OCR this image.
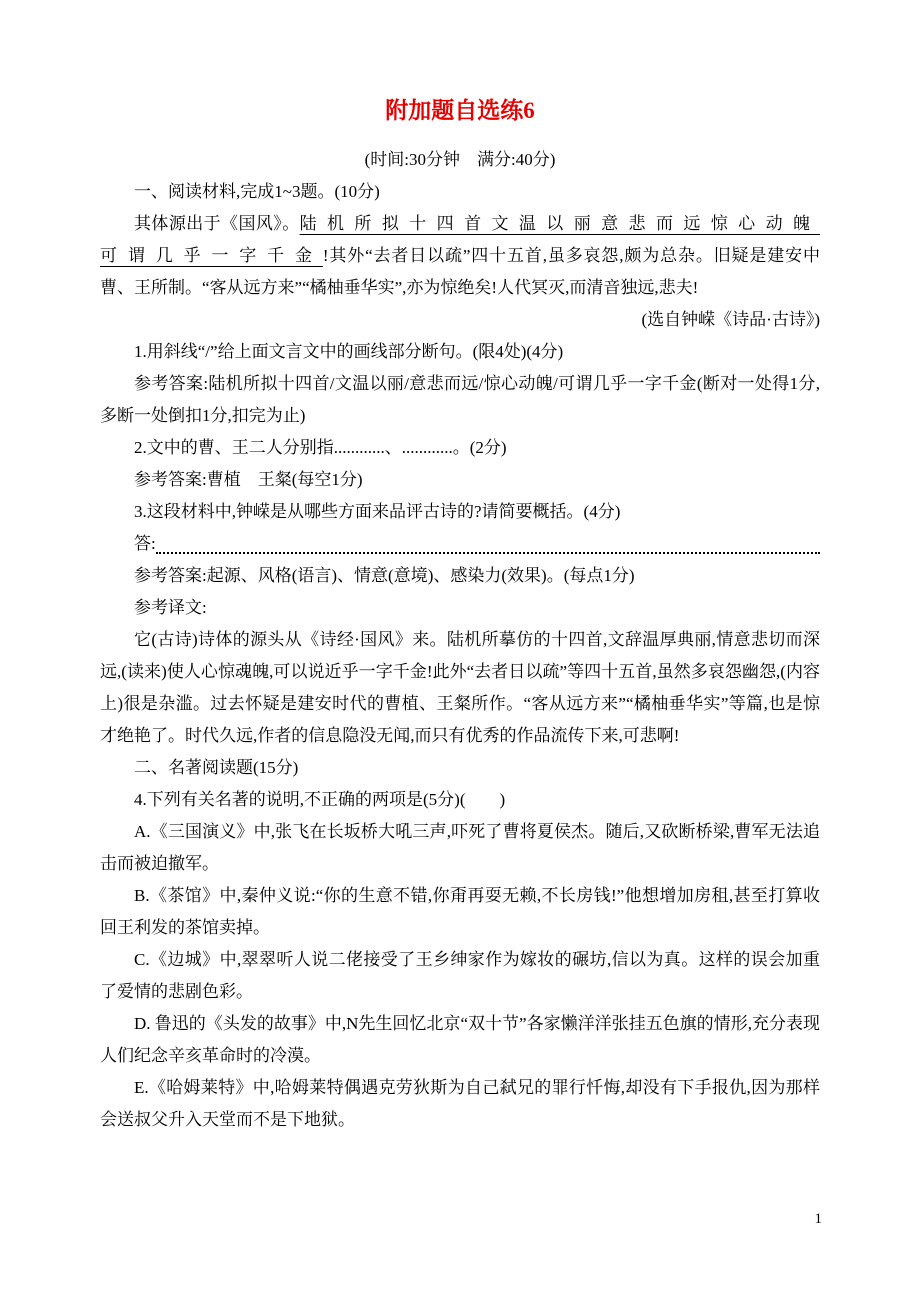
附加题自选练6

(时间:30分钟　满分:40分)

一、阅读材料,完成1~3题。(10分)

其体源出于《国风》。陆机所拟十四首文温以丽意悲而远惊心动魄可谓几乎一字千金!其外“去者日以疏”四十五首,虽多哀怨,颇为总杂。旧疑是建安中曹、王所制。“客从远方来”“橘柚垂华实”,亦为惊绝矣!人代冥灭,而清音独远,悲夫!

(选自钟嵘《诗品·古诗》)

1.用斜线“/”给上面文言文中的画线部分断句。(限4处)(4分)

参考答案:陆机所拟十四首/文温以丽/意悲而远/惊心动魄/可谓几乎一字千金(断对一处得1分,多断一处倒扣1分,扣完为止)

2.文中的曹、王二人分别指............、............。(2分)

参考答案:曹植　王粲(每空1分)

3.这段材料中,钟嵘是从哪些方面来品评古诗的?请简要概括。(4分)

答:

参考答案:起源、风格(语言)、情意(意境)、感染力(效果)。(每点1分)

参考译文:

它(古诗)诗体的源头从《诗经·国风》来。陆机所摹仿的十四首,文辞温厚典丽,情意悲切而深远,(读来)使人心惊魂魄,可以说近乎一字千金!此外“去者日以疏”等四十五首,虽然多哀怨幽怨,(内容上)很是杂滥。过去怀疑是建安时代的曹植、王粲所作。“客从远方来”“橘柚垂华实”等篇,也是惊才绝艳了。时代久远,作者的信息隐没无闻,而只有优秀的作品流传下来,可悲啊!

二、名著阅读题(15分)

4.下列有关名著的说明,不正确的两项是(5分)(　　)

A.《三国演义》中,张飞在长坂桥大吼三声,吓死了曹将夏侯杰。随后,又砍断桥梁,曹军无法追击而被迫撤军。

B.《茶馆》中,秦仲义说:“你的生意不错,你甭再耍无赖,不长房钱!”他想增加房租,甚至打算收回王利发的茶馆卖掉。

C.《边城》中,翠翠听人说二佬接受了王乡绅家作为嫁妆的碾坊,信以为真。这样的误会加重了爱情的悲剧色彩。

D. 鲁迅的《头发的故事》中,N先生回忆北京“双十节”各家懒洋洋张挂五色旗的情形,充分表现人们纪念辛亥革命时的冷漠。

E.《哈姆莱特》中,哈姆莱特偶遇克劳狄斯为自己弑兄的罪行忏悔,却没有下手报仇,因为那样会送叔父升入天堂而不是下地狱。

1
